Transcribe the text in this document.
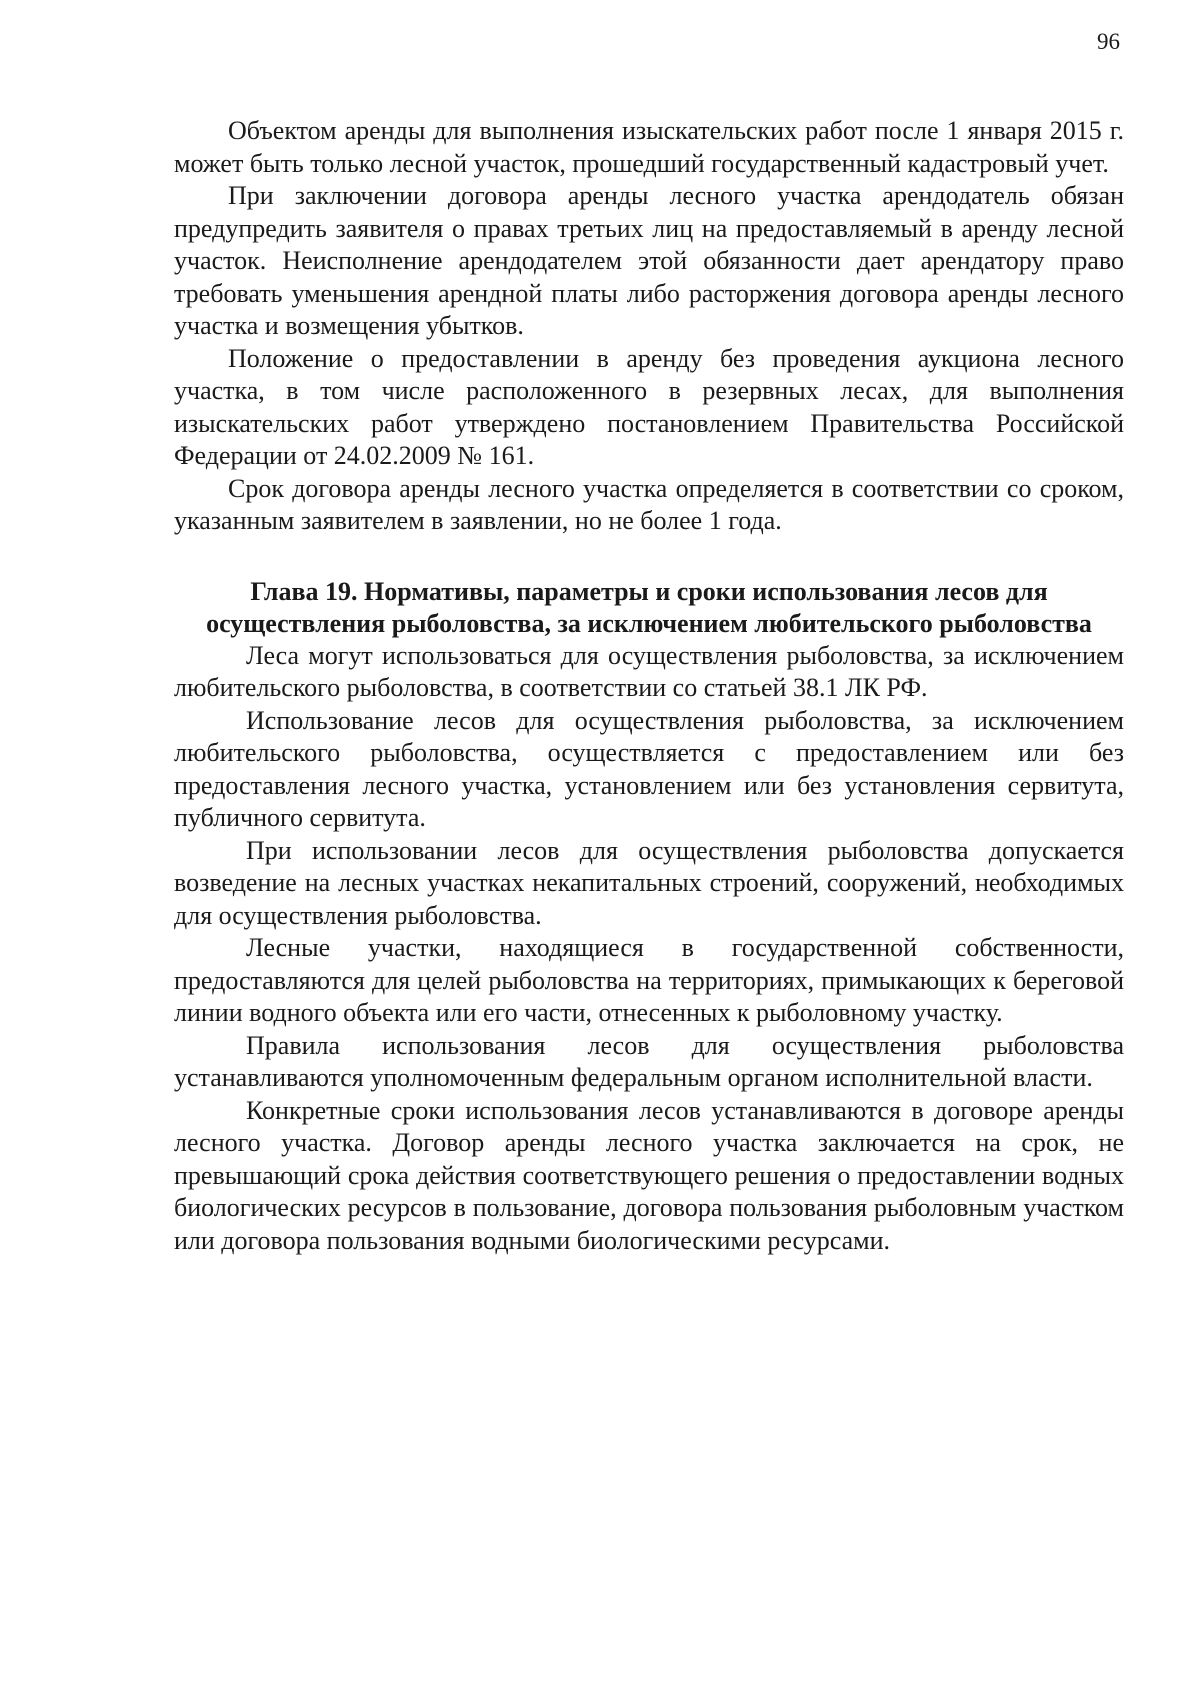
96

Объектом аренды для выполнения изыскательских работ после 1 января 2015 г. может быть только лесной участок, прошедший государственный кадастровый учет.

При заключении договора аренды лесного участка арендодатель обязан предупредить заявителя о правах третьих лиц на предоставляемый в аренду лесной участок. Неисполнение арендодателем этой обязанности дает арендатору право требовать уменьшения арендной платы либо расторжения договора аренды лесного участка и возмещения убытков.

Положение о предоставлении в аренду без проведения аукциона лесного участка, в том числе расположенного в резервных лесах, для выполнения изыскательских работ утверждено постановлением Правительства Российской Федерации от 24.02.2009 № 161.

Срок договора аренды лесного участка определяется в соответствии со сроком, указанным заявителем в заявлении, но не более 1 года.

Глава 19. Нормативы, параметры и сроки использования лесов для осуществления рыболовства, за исключением любительского рыболовства

Леса могут использоваться для осуществления рыболовства, за исключением любительского рыболовства, в соответствии со статьей 38.1 ЛК РФ.

Использование лесов для осуществления рыболовства, за исключением любительского рыболовства, осуществляется с предоставлением или без предоставления лесного участка, установлением или без установления сервитута, публичного сервитута.

При использовании лесов для осуществления рыболовства допускается возведение на лесных участках некапитальных строений, сооружений, необходимых для осуществления рыболовства.

Лесные участки, находящиеся в государственной собственности, предоставляются для целей рыболовства на территориях, примыкающих к береговой линии водного объекта или его части, отнесенных к рыболовному участку.

Правила использования лесов для осуществления рыболовства устанавливаются уполномоченным федеральным органом исполнительной власти.

Конкретные сроки использования лесов устанавливаются в договоре аренды лесного участка. Договор аренды лесного участка заключается на срок, не превышающий срока действия соответствующего решения о предоставлении водных биологических ресурсов в пользование, договора пользования рыболовным участком или договора пользования водными биологическими ресурсами.
